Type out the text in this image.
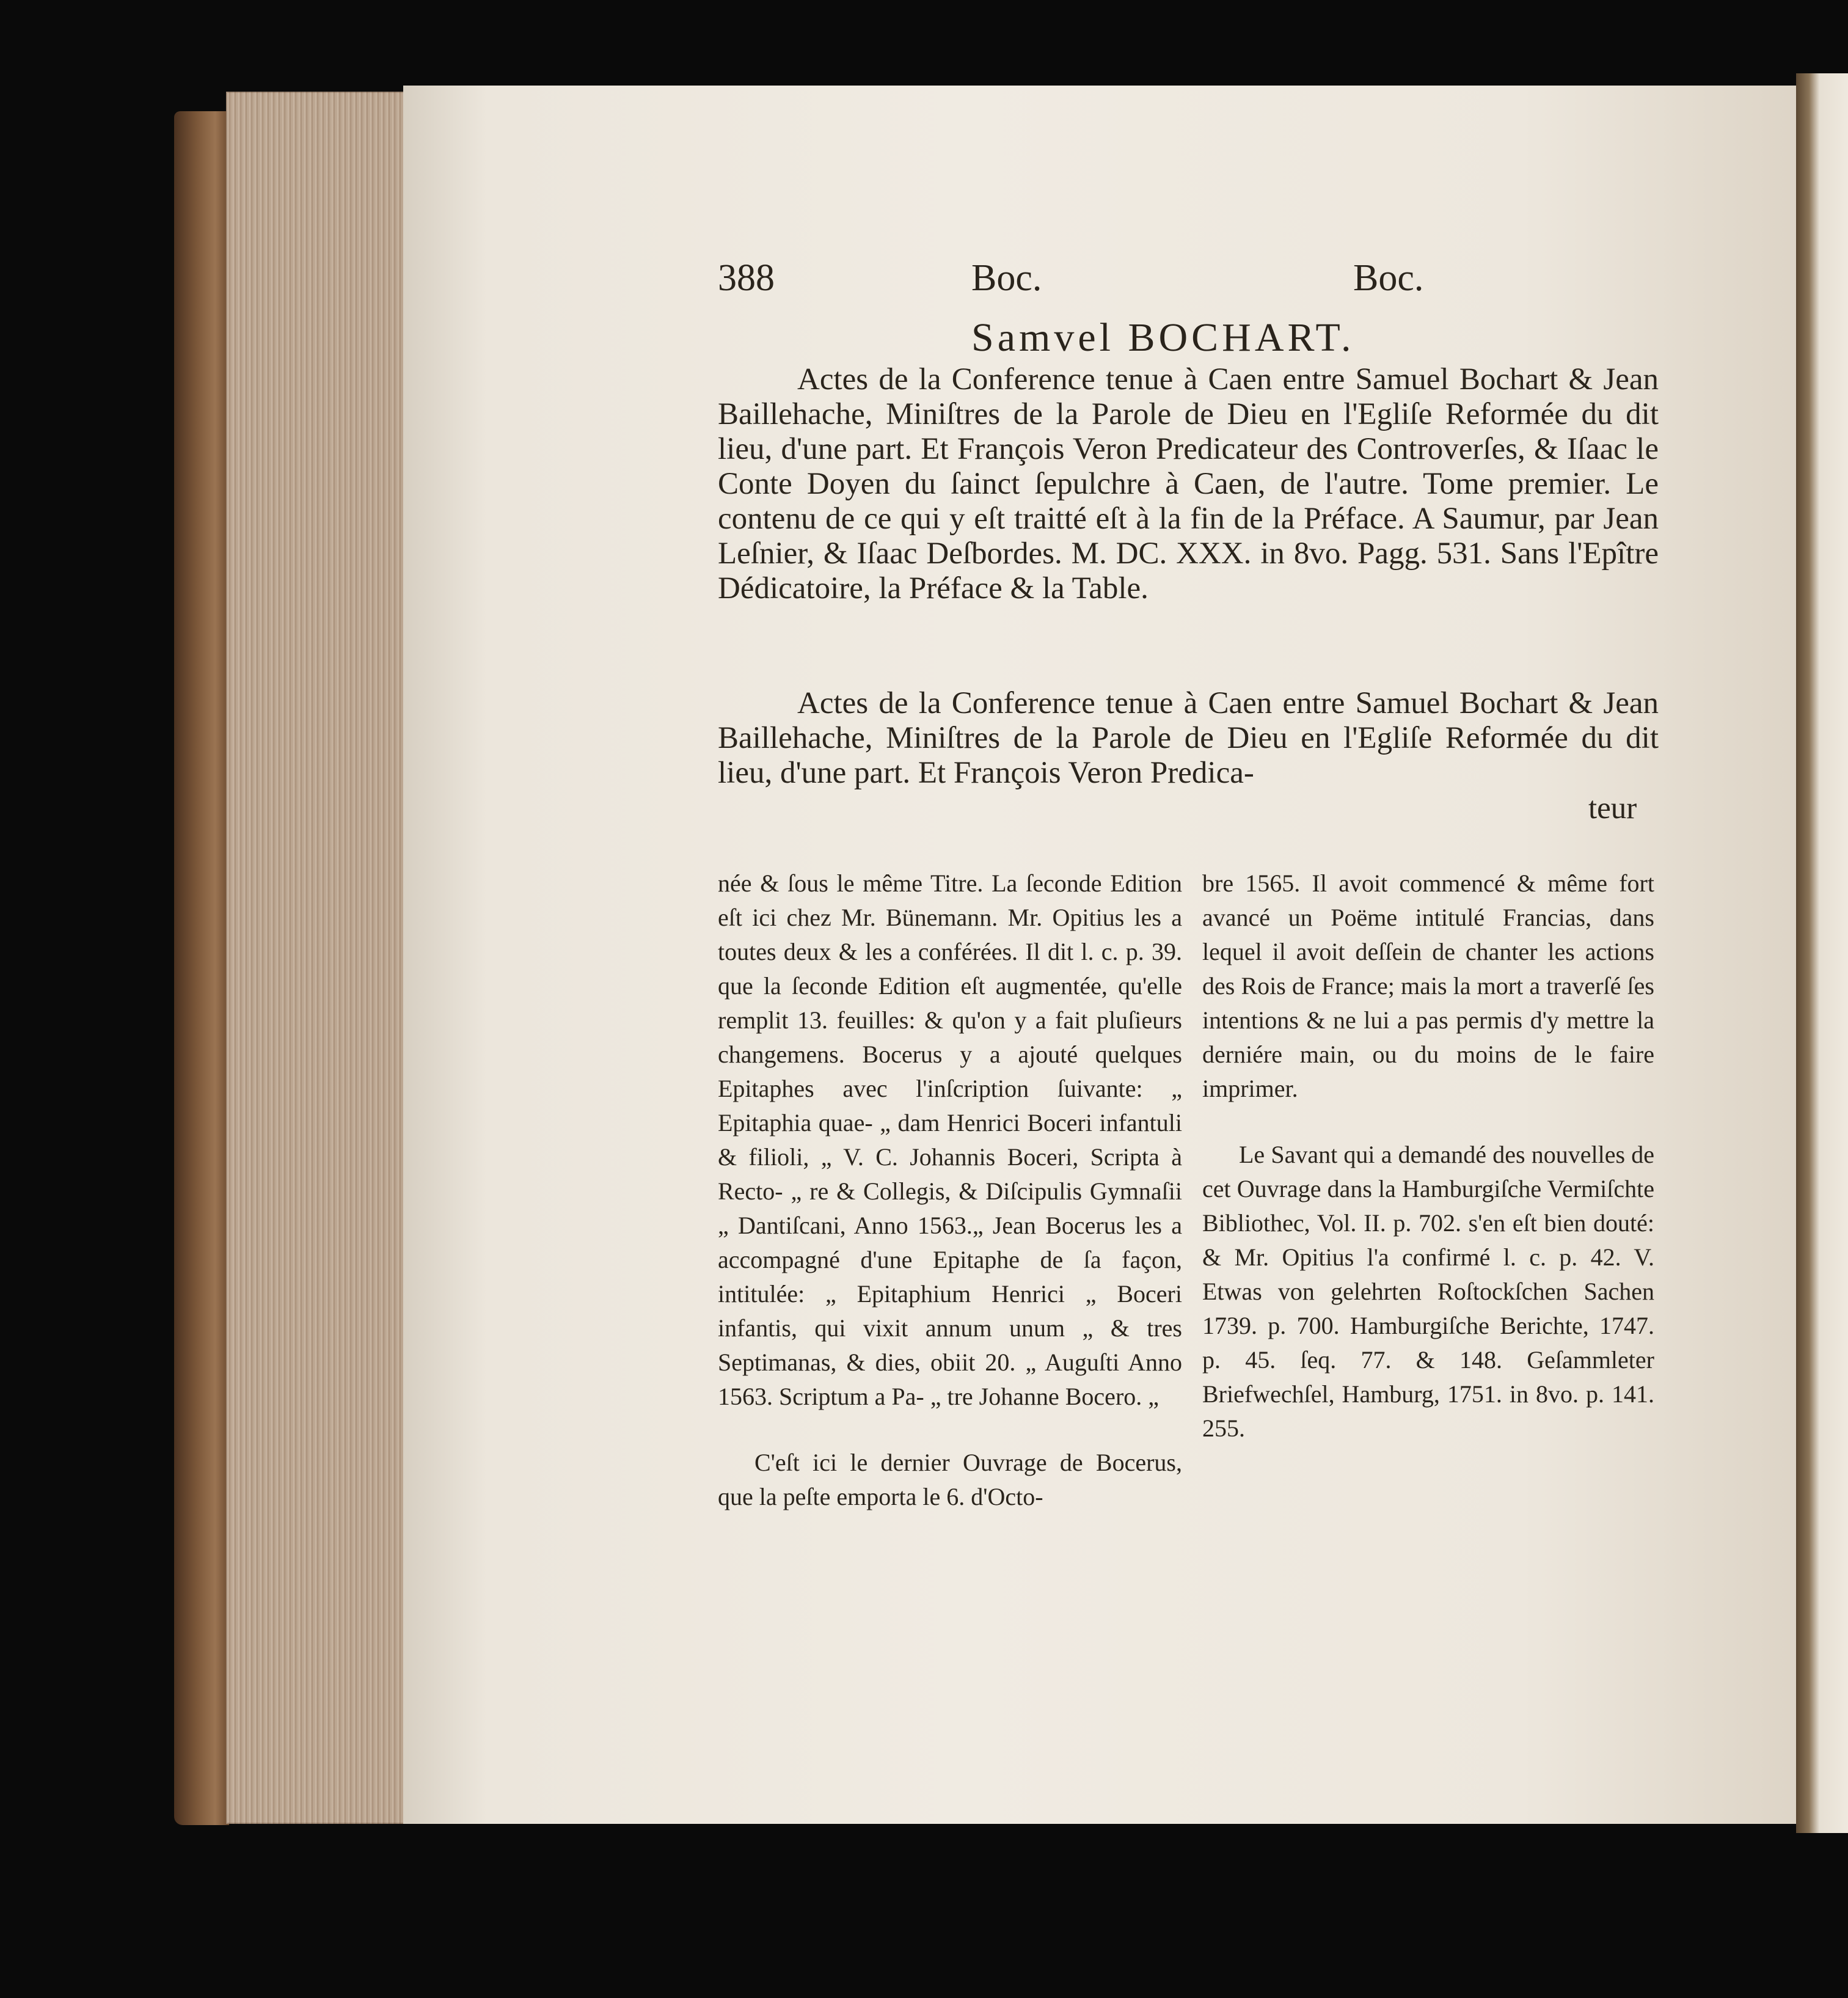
388	Boc.	Boc.
Samvel BOCHART.

Actes de la Conference tenue à Caen entre Samuel Bochart & Jean Baillehache, Miniſtres de la Parole de Dieu en l'Egliſe Reformée du dit lieu, d'une part. Et François Veron Predicateur des Controverſes, & Iſaac le Conte Doyen du ſainct ſepulchre à Caen, de l'autre. Tome premier. Le contenu de ce qui y eſt traitté eſt à la fin de la Préface. A Saumur, par Jean Leſnier, & Iſaac Deſbordes. M. DC. XXX. in 8vo. Pagg. 531. Sans l'Epître Dédicatoire, la Préface & la Table.

Actes de la Conference tenue à Caen entre Samuel Bochart & Jean Baillehache, Miniſtres de la Parole de Dieu en l'Egliſe Reformée du dit lieu, d'une part. Et François Veron Predica-

teur

née & ſous le même Titre. La ſeconde Edition eſt ici chez Mr. Bünemann. Mr. Opitius les a toutes deux & les a conférées. Il dit l. c. p. 39. que la ſeconde Edition eſt augmentée, qu'elle remplit 13. feuilles: & qu'on y a fait pluſieurs changemens. Bocerus y a ajouté quelques Epitaphes avec l'inſcription ſuivante: „ Epitaphia quae- „ dam Henrici Boceri infantuli & filioli, „ V. C. Johannis Boceri, Scripta à Recto- „ re & Collegis, & Diſcipulis Gymnaſii „ Dantiſcani, Anno 1563.„ Jean Bocerus les a accompagné d'une Epitaphe de ſa façon, intitulée: „ Epitaphium Henrici „ Boceri infantis, qui vixit annum unum „ & tres Septimanas, & dies, obiit 20. „ Auguſti Anno 1563. Scriptum a Pa- „ tre Johanne Bocero. „

C'eſt ici le dernier Ouvrage de Bocerus, que la peſte emporta le 6. d'Octo-

bre 1565. Il avoit commencé & même fort avancé un Poëme intitulé Francias, dans lequel il avoit deſſein de chanter les actions des Rois de France; mais la mort a traverſé ſes intentions & ne lui a pas permis d'y mettre la derniére main, ou du moins de le faire imprimer.

Le Savant qui a demandé des nouvelles de cet Ouvrage dans la Hamburgiſche Vermiſchte Bibliothec, Vol. II. p. 702. s'en eſt bien douté: & Mr. Opitius l'a confirmé l. c. p. 42. V. Etwas von gelehrten Roſtockſchen Sachen 1739. p. 700. Hamburgiſche Berichte, 1747. p. 45. ſeq. 77. & 148. Geſammleter Briefwechſel, Hamburg, 1751. in 8vo. p. 141. 255.
